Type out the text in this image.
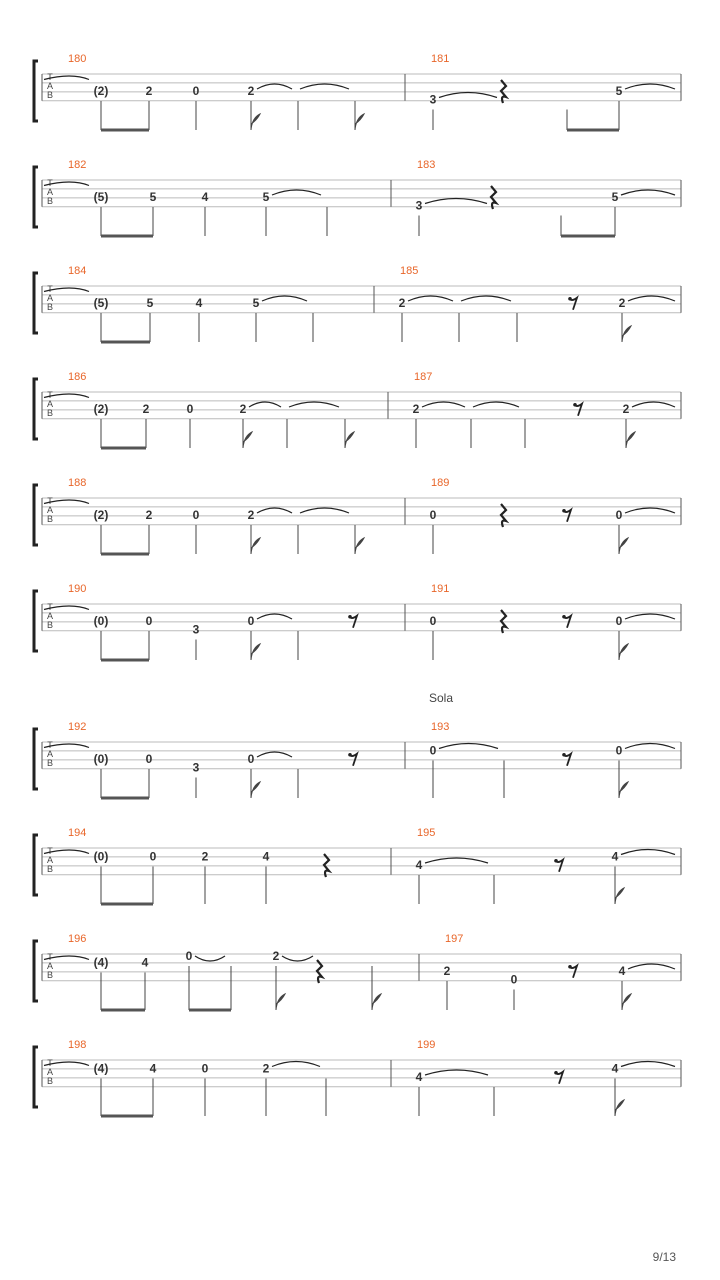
T
A
B
180
(2)	2	0	2
181
3
5
T
A
B
182
(5)	5	4	5
183
3
5
T
A
B
184
(5)	5	4	5
185
2	2
T
A
B
186
(2)	2	0	2
187
2	2
T
A
B
188
(2)	2	0	2
189
0	0
T
A
B
190
(0)	0
3
0
191
0	0
Sola
T
A
B
192
(0)	0
3
0
193
0	0
T
A
B
194
(0)	0	2	4
195
4
4
T
A
B
196
(4)	4	0	2
197
2
0
4
T
A
B
198
(4)	4	0	2
199
4
4
9/13
